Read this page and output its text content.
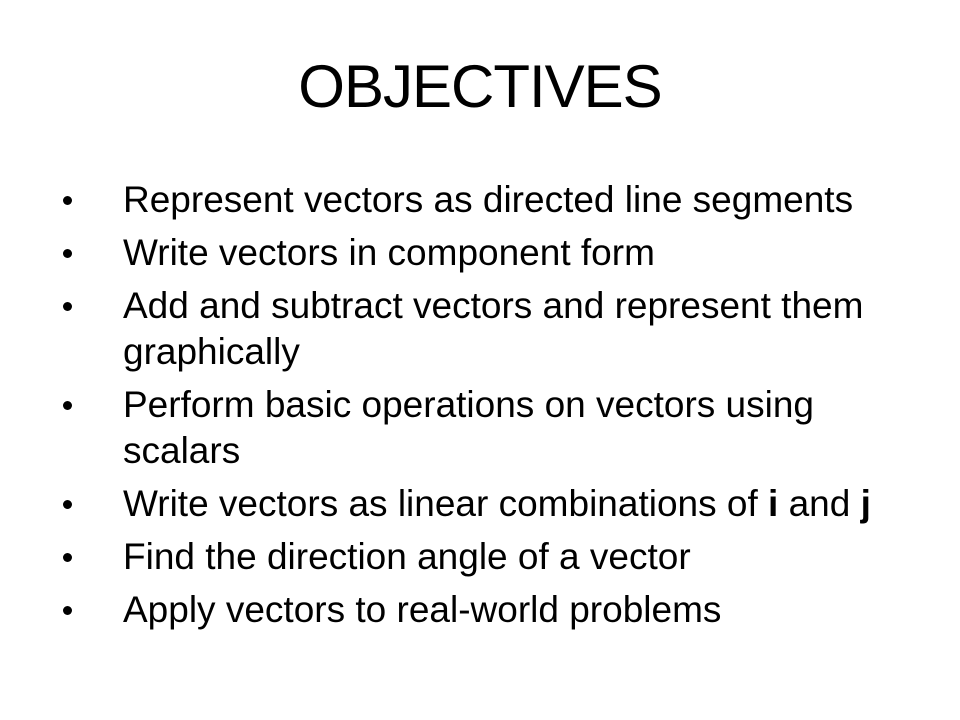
OBJECTIVES
Represent vectors as directed line segments
Write vectors in component form
Add and subtract vectors and represent them graphically
Perform basic operations on vectors using scalars
Write vectors as linear combinations of i and j
Find the direction angle of a vector
Apply vectors to real-world problems
